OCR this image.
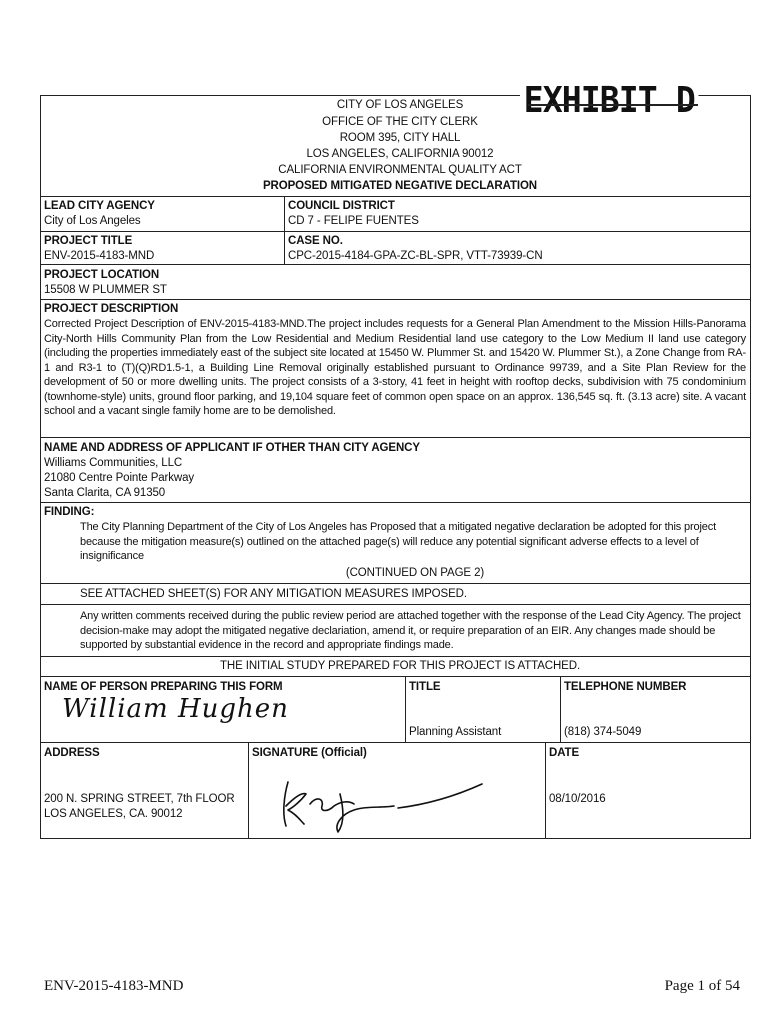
EXHIBIT D
CITY OF LOS ANGELES
OFFICE OF THE CITY CLERK
ROOM 395, CITY HALL
LOS ANGELES, CALIFORNIA 90012
CALIFORNIA ENVIRONMENTAL QUALITY ACT
PROPOSED MITIGATED NEGATIVE DECLARATION
LEAD CITY AGENCY
City of Los Angeles
COUNCIL DISTRICT
CD 7 - FELIPE FUENTES
PROJECT TITLE
ENV-2015-4183-MND
CASE NO.
CPC-2015-4184-GPA-ZC-BL-SPR, VTT-73939-CN
PROJECT LOCATION
15508 W PLUMMER ST
PROJECT DESCRIPTION
Corrected Project Description of ENV-2015-4183-MND.The project includes requests for a General Plan Amendment to the Mission Hills-Panorama City-North Hills Community Plan from the Low Residential and Medium Residential land use category to the Low Medium II land use category (including the properties immediately east of the subject site located at 15450 W. Plummer St. and 15420 W. Plummer St.), a Zone Change from RA-1 and R3-1 to (T)(Q)RD1.5-1, a Building Line Removal originally established pursuant to Ordinance 99739, and a Site Plan Review for the development of 50 or more dwelling units. The project consists of a 3-story, 41 feet in height with rooftop decks, subdivision with 75 condominium (townhome-style) units, ground floor parking, and 19,104 square feet of common open space on an approx. 136,545 sq. ft. (3.13 acre) site. A vacant school and a vacant single family home are to be demolished.
NAME AND ADDRESS OF APPLICANT IF OTHER THAN CITY AGENCY
Williams Communities, LLC
21080 Centre Pointe Parkway
Santa Clarita, CA 91350
FINDING:
The City Planning Department of the City of Los Angeles has Proposed that a mitigated negative declaration be adopted for this project because the mitigation measure(s) outlined on the attached page(s) will reduce any potential significant adverse effects to a level of insignificance
(CONTINUED ON PAGE 2)
SEE ATTACHED SHEET(S) FOR ANY MITIGATION MEASURES IMPOSED.
Any written comments received during the public review period are attached together with the response of the Lead City Agency. The project decision-make may adopt the mitigated negative declariation, amend it, or require preparation of an EIR. Any changes made should be supported by substantial evidence in the record and appropriate findings made.
THE INITIAL STUDY PREPARED FOR THIS PROJECT IS ATTACHED.
NAME OF PERSON PREPARING THIS FORM
William Hughen
TITLE
Planning Assistant
TELEPHONE NUMBER
(818) 374-5049
ADDRESS
200 N. SPRING STREET, 7th FLOOR
LOS ANGELES, CA. 90012
SIGNATURE (Official)	DATE
08/10/2016
ENV-2015-4183-MND	Page 1 of 54
